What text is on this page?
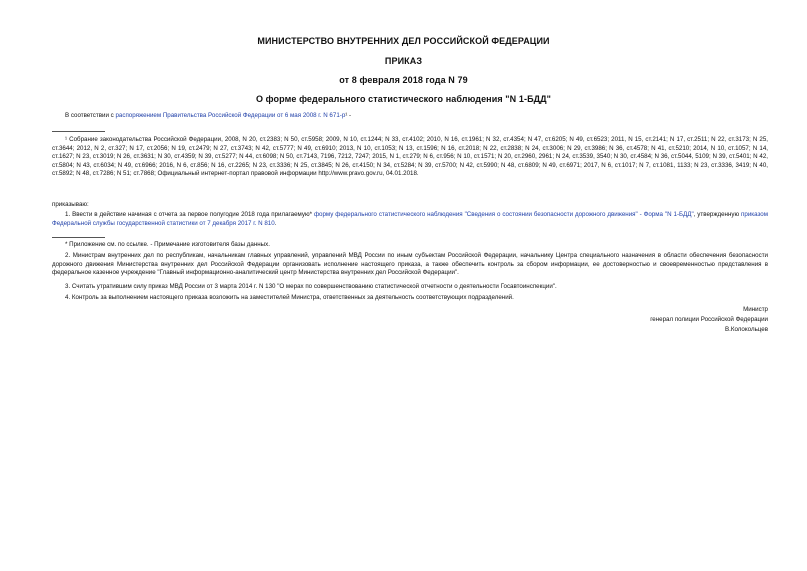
МИНИСТЕРСТВО ВНУТРЕННИХ ДЕЛ РОССИЙСКОЙ ФЕДЕРАЦИИ
ПРИКАЗ
от 8 февраля 2018 года N 79
О форме федерального статистического наблюдения "N 1-БДД"

В соответствии с распоряжением Правительства Российской Федерации от 6 мая 2008 г. N 671-р¹ -

¹ Собрание законодательства Российской Федерации, 2008, N 20, ст.2383; N 50, ст.5958; 2009, N 10, ст.1244; N 33, ст.4102; 2010, N 16, ст.1961; N 32, ст.4354; N 47, ст.6205; N 49, ст.6523; 2011, N 15, ст.2141; N 17, ст.2511; N 22, ст.3173; N 25, ст.3644; 2012, N 2, ст.327; N 17, ст.2056; N 19, ст.2479; N 27, ст.3743; N 42, ст.5777; N 49, ст.6910; 2013, N 10, ст.1053; N 13, ст.1596; N 16, ст.2018; N 22, ст.2838; N 24, ст.3006; N 29, ст.3986; N 36, ст.4578; N 41, ст.5210; 2014, N 10, ст.1057; N 14, ст.1627; N 23, ст.3019; N 26, ст.3631; N 30, ст.4359; N 39, ст.5277; N 44, ст.6098; N 50, ст.7143, 7196, 7212, 7247; 2015, N 1, ст.279; N 6, ст.956; N 10, ст.1571; N 20, ст.2960, 2961; N 24, ст.3539, 3540; N 30, ст.4584; N 36, ст.5044, 5109; N 39, ст.5401; N 42, ст.5804; N 43, ст.6034; N 49, ст.6966; 2016, N 6, ст.856; N 16, ст.2265; N 23, ст.3336; N 25, ст.3845; N 26, ст.4150; N 34, ст.5284; N 39, ст.5700; N 42, ст.5990; N 48, ст.6809; N 49, ст.6971; 2017, N 6, ст.1017; N 7, ст.1081, 1133; N 23, ст.3336, 3419; N 40, ст.5892; N 48, ст.7286; N 51; ст.7868; Официальный интернет-портал правовой информации http://www.pravo.gov.ru, 04.01.2018.

приказываю:

1. Ввести в действие начиная с отчета за первое полугодие 2018 года прилагаемую* форму федерального статистического наблюдения "Сведения о состоянии безопасности дорожного движения" - Форма "N 1-БДД", утвержденную приказом Федеральной службы государственной статистики от 7 декабря 2017 г. N 810.

* Приложение см. по ссылке. - Примечание изготовителя базы данных.

2. Министрам внутренних дел по республикам, начальникам главных управлений, управлений МВД России по иным субъектам Российской Федерации, начальнику Центра специального назначения в области обеспечения безопасности дорожного движения Министерства внутренних дел Российской Федерации организовать исполнение настоящего приказа, а также обеспечить контроль за сбором информации, ее достоверностью и своевременностью представления в федеральное казенное учреждение "Главный информационно-аналитический центр Министерства внутренних дел Российской Федерации".

3. Считать утратившим силу приказ МВД России от 3 марта 2014 г. N 130 "О мерах по совершенствованию статистической отчетности о деятельности Госавтоинспекции".

4. Контроль за выполнением настоящего приказа возложить на заместителей Министра, ответственных за деятельность соответствующих подразделений.

Министр

генерал полиции Российской Федерации

В.Колокольцев
